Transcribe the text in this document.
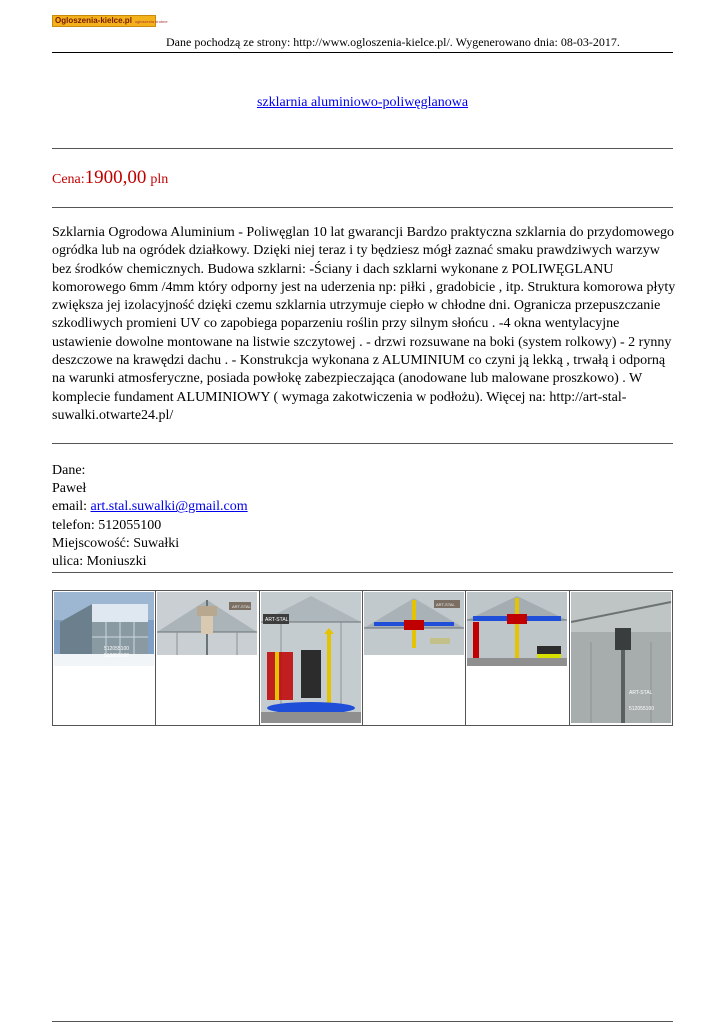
Ogloszenia-kielce.pl ogłoszenia drobne
Dane pochodzą ze strony: http://www.ogloszenia-kielce.pl/. Wygenerowano dnia: 08-03-2017.
szklarnia aluminiowo-poliwęglanowa
Cena:1900,00 pln
Szklarnia Ogrodowa Aluminium - Poliwęglan 10 lat gwarancji Bardzo praktyczna szklarnia do przydomowego ogródka lub na ogródek działkowy. Dzięki niej teraz i ty będziesz mógł zaznać smaku prawdziwych warzyw bez środków chemicznych. Budowa szklarni: -Ściany i dach szklarni wykonane z POLIWĘGLANU komorowego 6mm /4mm który odporny jest na uderzenia np: piłki , gradobicie , itp. Struktura komorowa płyty zwiększa jej izolacyjność dzięki czemu szklarnia utrzymuje ciepło w chłodne dni. Ogranicza przepuszczanie szkodliwych promieni UV co zapobiega poparzeniu roślin przy silnym słońcu . -4 okna wentylacyjne ustawienie dowolne montowane na listwie szczytowej . - drzwi rozsuwane na boki (system rolkowy) - 2 rynny deszczowe na krawędzi dachu . - Konstrukcja wykonana z ALUMINIUM co czyni ją lekką , trwałą i odporną na warunki atmosferyczne, posiada powłokę zabezpieczająca (anodowane lub malowane proszkowo) . W komplecie fundament ALUMINIOWY ( wymaga zakotwiczenia w podłożu). Więcej na: http://art-stal-suwalki.otwarte24.pl/
Dane:
Paweł
email: art.stal.suwalki@gmail.com
telefon: 512055100
Miejscowość: Suwałki
ulica: Moniuszki
512055100
512055100
ART-STAL
ART-STAL
ART-STAL
ART-STAL
512055100
